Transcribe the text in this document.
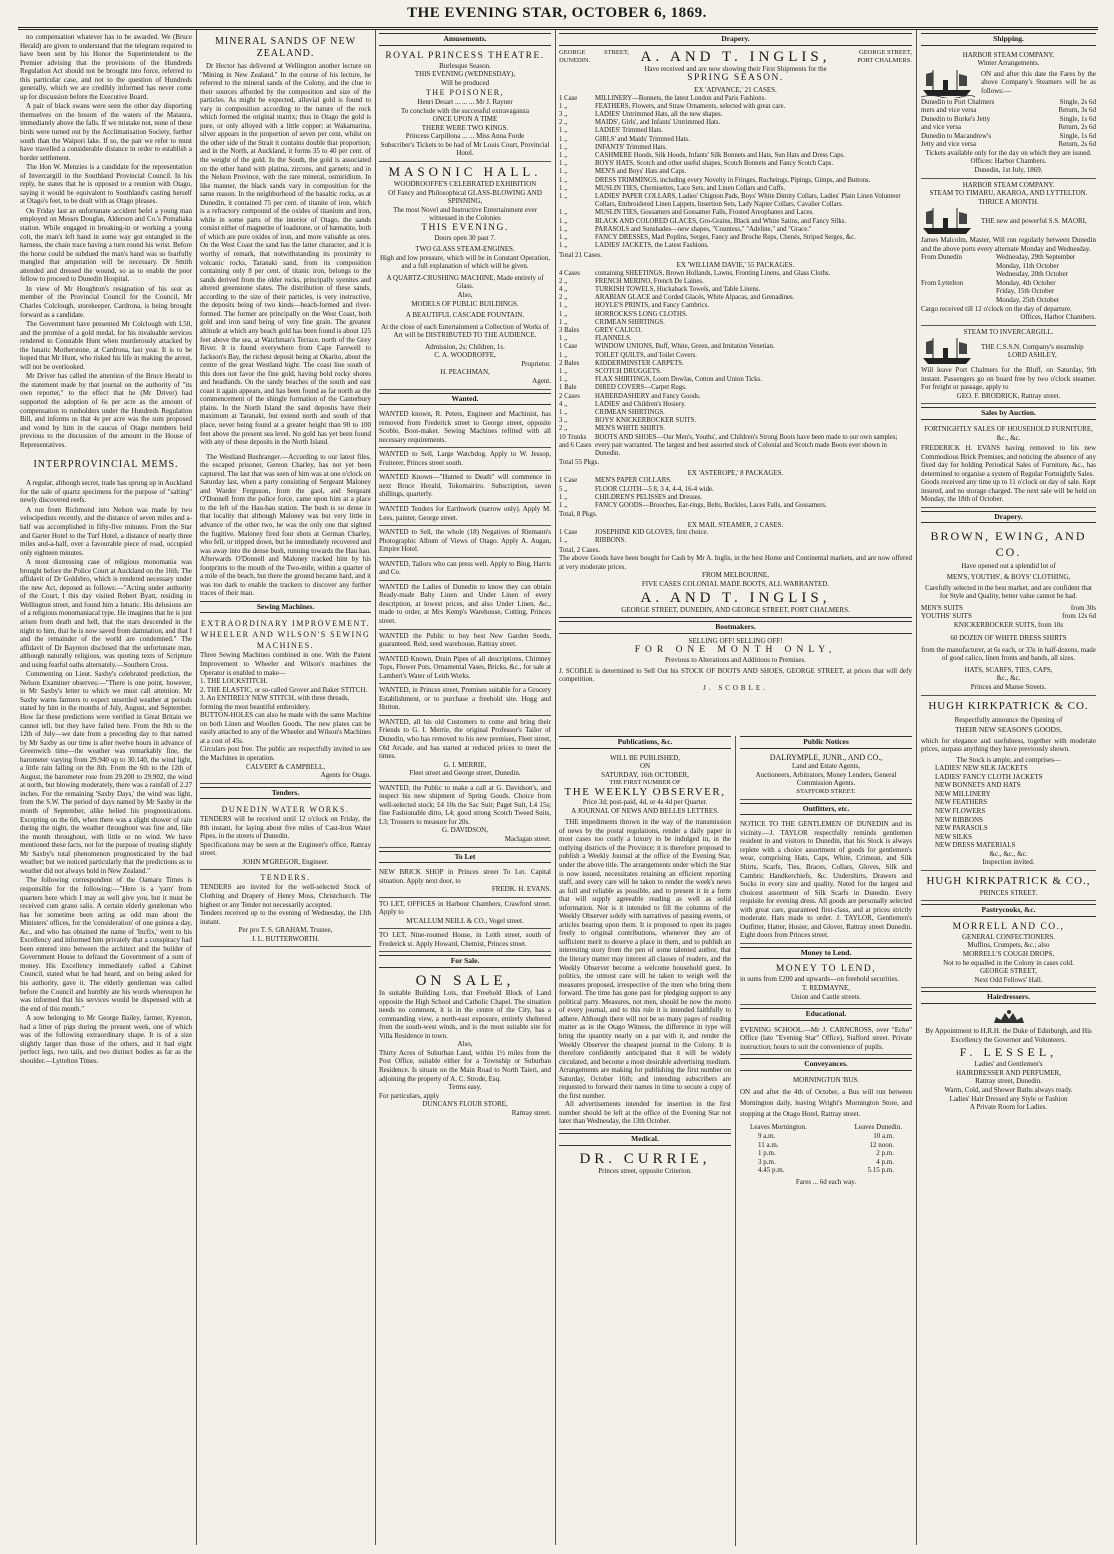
THE EVENING STAR, OCTOBER 6, 1869.

no compensation whatever has to be awarded. We (Bruce Herald) are given to understand that the telegram required to have been sent by his Honor the Superintendent to the Premier advising that the provisions of the Hundreds Regulation Act should not be brought into force, referred to this particular case, and not to the question of Hundreds generally, which we are credibly informed has never come up for discussion before the Executive Board.

A pair of black swans were seen the other day disporting themselves on the bosom of the waters of the Mataura, immediately above the falls. If we mistake not, none of these birds were turned out by the Acclimatisation Society, further south than the Waipori lake. If so, the pair we refer to must have travelled a considerable distance in order to establish a border settlement.

The Hon W. Menzies is a candidate for the representation of Invercargill in the Southland Provincial Council. In his reply, he states that he is opposed to a reunion with Otago, saying it would be equivalent to Southland's casting herself at Otago's feet, to be dealt with as Otago pleases.

On Friday last an unfortunate accident befel a young man employed on Messrs Douglas, Alderson and Co.'s Pomahaka station. While engaged in breaking-in or working a young colt, the man's left hand in some way got entangled in the harness, the chain trace having a turn round his wrist. Before the horse could be subdued the man's hand was so fearfully mangled that amputation will be necessary. Dr Smith attended and dressed the wound, so as to enable the poor fellow to proceed to Dunedin Hospital.

In view of Mr Houghton's resignation of his seat as member of the Provincial Council for the Council, Mr Charles Colclough, storekeeper, Cardrona, is being brought forward as a candidate.

The Government have presented Mr Colclough with L50, and the promise of a gold medal, for his invaluable services rendered to Constable Hunt when murderously attacked by the lunatic Motherstone, at Cardrona, last year. It is to be hoped that Mr Hunt, who risked his life in making the arrest, will not be overlooked.

Mr Driver has called the attention of the Bruce Herald to the statement made by that journal on the authority of "its own reporter," to the effect that he (Mr Driver) had supported the adoption of 6s per acre as the amount of compensation to runholders under the Hundreds Regulation Bill, and informs us that 4s per acre was the sum proposed and voted by him in the caucus of Otago members held previous to the discussion of the amount in the House of Representatives.

INTERPROVINCIAL MEMS.

A regular, although secret, trade has sprung up in Auckland for the sale of quartz specimens for the purpose of "salting" newly discovered reefs.

A run from Richmond into Nelson was made by two velocipedists recently, and the distance of seven miles and a-half was accomplished in fifty-five minutes. From the Star and Garter Hotel to the Turf Hotel, a distance of nearly three miles and-a-half, over a favourable piece of road, occupied only eighteen minutes.

A most distressing case of religious monomania was brought before the Police Court at Auckland on the 16th. The affidavit of Dr Goldsbro, which is rendered necessary under the new Act, deposed as follows:—"Acting under authority of the Court, I this day visited Robert Byatt, residing in Wellington street, and found him a lunatic. His delusions are of a religious monomaniacal type. He imagines that he is just arisen from death and hell, that the stars descended in the night to him, that he is now saved from damnation, and that I and the remainder of the world are condemned." The affidavit of Dr Baynton disclosed that the unfortunate man, although naturally religious, was quoting texts of Scripture and using fearful oaths alternately.—Southern Cross.

Commenting on Lieut. Saxby's celebrated prediction, the Nelson Examiner observes:—"There is one point, however, in Mr Saxby's letter to which we must call attention. Mr Saxby warns farmers to expect unsettled weather at periods stated by him in the months of July, August, and September. How far these predictions were verified in Great Britain we cannot tell, but they have failed here. From the 8th to the 12th of July—we date from a preceding day to that named by Mr Saxby as our time is after twelve hours in advance of Greenwich time—the weather was remarkably fine, the barometer varying from 29.940 up to 30.140, the wind light, a little rain falling on the 8th. From the 6th to the 12th of August, the barometer rose from 29.200 to 29.902, the wind at north, but blowing moderately, there was a rainfall of 2.27 inches. For the remaining 'Saxby Days,' the wind was light, from the S.W. The period of days named by Mr Saxby in the month of September, alike belied his prognostications. Excepting on the 6th, when there was a slight shower of rain during the night, the weather throughout was fine and, like the month throughout, with little or no wind. We have mentioned these facts, not for the purpose of treating slightly Mr Saxby's total phenomenon prognosticated by the bad weather; but we noticed particularly that the predictions as to weather did not always hold in New Zealand."

The following correspondent of the Oamaru Times is responsible for the following:—"Here is a 'yarn' from quarters here which I may as well give you, but it must be received cum grano salis. A certain elderly gentleman who has for sometime been acting as odd man about the Ministers' offices, for the 'consideration' of one guinea a day, &c., and who has obtained the name of 'Incfix,' went to his Excellency and informed him privately that a conspiracy had been entered into between the architect and the builder of Government House to defraud the Government of a sum of money. His Excellency immediately called a Cabinet Council, stated what he had heard, and on being asked for his authority, gave it. The elderly gentleman was called before the Council and humbly ate his words whereupon he was informed that his services would be dispensed with at the end of this month."

A sow belonging to Mr George Bailey, farmer, Kyeston, had a litter of pigs during the present week, one of which was of the following extraordinary shape. It is of a size slightly larger than those of the others, and it had eight perfect legs, two tails, and two distinct bodies as far as the shoulder.—Lyttelton Times.

MINERAL SANDS OF NEW ZEALAND.

Dr Hector has delivered at Wellington another lecture on "Mining in New Zealand." In the course of his lecture, he referred to the mineral sands of the Colony, and the clue to their sources afforded by the composition and size of the particles. As might be expected, alluvial gold is found to vary in composition according to the nature of the rock which formed the original matrix; thus in Otago the gold is pure, or only alloyed with a little copper; at Wakamarina, silver appears in the proportion of seven per cent, whilst on the other side of the Strait it contains double that proportion; and in the North, at Auckland, it forms 35 to 40 per cent. of the weight of the gold. In the South, the gold is associated on the other hand with platina, zircons, and garnets; and in the Nelson Province, with the rare mineral, osmiridium. In like manner, the black sands vary in composition for the same reason. In the neighborhood of the basaltic rocks, as at Dunedin, it contained 75 per cent. of titanite of iron, which is a refractory compound of the oxides of titanium and iron, while in some parts of the interior of Otago, the sands consist either of magnetite of loadstone, or of hæmatite, both of which are pure oxides of iron, and more valuable as ores. On the West Coast the sand has the latter character, and it is worthy of remark, that notwithstanding its proximity to volcanic rocks, Taranaki sand, from its composition containing only 8 per cent. of titanic iron, belongs to the sands derived from the older rocks, principally syenites and altered greenstone slates. The distribution of these sands, according to the size of their particles, is very instructive, the deposits being of two kinds—beach-formed and river-formed. The former are principally on the West Coast, both gold and iron sand being of very fine grain. The greatest altitude at which any beach gold has been found is about 125 feet above the sea, at Watchman's Terrace, north of the Grey River. It is found everywhere from Cape Farewell to Jackson's Bay, the richest deposit being at Okarito, about the centre of the great Westland bight. The coast line south of this does not favor the fine gold, having bold rocky shores and headlands. On the sandy beaches of the south and east coast it again appears, and has been found as far north as the commencement of the shingle formation of the Canterbury plains. In the North Island the sand deposits have their maximum at Taranaki, but extend north and south of that place, never being found at a greater height than 90 to 100 feet above the present sea level. No gold has yet been found with any of these deposits in the North Island.

The Westland Bushranger.—According to our latest files, the escaped prisoner, Gereon Charley, has not yet been captured. The last that was seen of him was at one o'clock on Saturday last, when a party consisting of Sergeant Maloney and Warder Ferguson, from the gaol, and Sergeant O'Donnell from the police force, came upon him at a place to the left of the Hau-hau station. The bush is so dense in that locality that although Maloney was but very little in advance of the other two, he was the only one that sighted the fugitive. Maloney fired four shots at German Charley, who fell, or tripped down, but he immediately recovered and was away into the dense bush, running towards the Hau hau. Afterwards O'Donnell and Maloney tracked him by his footprints to the mouth of the Two-mile, within a quarter of a mile of the beach, but there the ground became hard, and it was too dark to enable the trackers to discover any further traces of their man.

Sewing Machines.

EXTRAORDINARY IMPROVEMENT. WHEELER AND WILSON'S SEWING MACHINES.

Three Sewing Machines combined in one. With the Patent Improvement to Wheeler and Wilson's machines the Operator is enabled to make—

1. THE LOCKSTITCH.

2. THE ELASTIC, or so-called Grover and Baker STITCH.

3. An ENTIRELY NEW STITCH, with three threads, forming the most beautiful embroidery.

BUTTON-HOLES can also be made with the same Machine on both Linen and Woollen Goods. The new plates can be easily attached to any of the Wheeler and Wilson's Machines at a cost of 45s.

Circulars post free. The public are respectfully invited to see the Machines in operation.

CALVERT & CAMPBELL,

Agents for Otago.

Tenders.

DUNEDIN WATER WORKS.

TENDERS will be received until 12 o'clock on Friday, the 8th instant, for laying about five miles of Cast-Iron Water Pipes, in the streets of Dunedin.

Specifications may be seen at the Engineer's office, Rattray street.

JOHN M'GREGOR, Engineer.

TENDERS.

TENDERS are invited for the well-selected Stock of Clothing and Drapery of Henry Moss, Christchurch. The highest or any Tender not necessarily accepted.

Tenders received up to the evening of Wednesday, the 13th instant.

Per pro T. S. GRAHAM, Trustee,

J. L. BUTTERWORTH.

Amusements.

ROYAL PRINCESS THEATRE.

Burlesque Season.

THIS EVENING (WEDNESDAY),

Will be produced

THE POISONER,

Henri Desart ... ... ... Mr J. Rayner

To conclude with the successful extravaganza

ONCE UPON A TIME

THERE WERE TWO KINGS.

Princess Carpillona ... ... Miss Anna Forde

Subscriber's Tickets to be had of Mr Louis Court, Provincial Hotel.

MASONIC HALL.

WOODROOFFE'S CELEBRATED EXHIBITION

Of Fancy and Philosophical GLASS-BLOWING AND SPINNING,

The most Novel and Instructive Entertainment ever witnessed in the Colonies

THIS EVENING.

Doors open 30 past 7.

TWO GLASS STEAM-ENGINES.

High and low pressure, which will be in Constant Operation, and a full explanation of which will be given.

A QUARTZ-CRUSHING MACHINE, Made entirely of Glass.

Also,

MODELS OF PUBLIC BUILDINGS.

A BEAUTIFUL CASCADE FOUNTAIN.

At the close of each Entertainment a Collection of Works of Art will be DISTRIBUTED TO THE AUDIENCE.

Admission, 2s; Children, 1s.

C. A. WOODROFFE,

Proprietor.

H. PEACHMAN,

Agent.

Wanted.

WANTED known, R. Peters, Engineer and Machinist, has removed from Frederick street to George street, opposite Scoble, Boot-maker. Sewing Machines refitted with all necessary requirements.

WANTED to Sell, Large Watchdog. Apply to W. Jessop, Fruiterer, Princes street south.

WANTED Known—"Hunted to Death" will commence in next Bruce Herald, Tokomairiro. Subscription, seven shillings, quarterly.

WANTED Tenders for Earthwork (narrow only). Apply M. Lees, painter, George street.

WANTED to Sell, the whole (18) Negatives of Riemann's Photographic Album of Views of Otago. Apply A. Augan, Empire Hotel.

WANTED, Tailors who can press well. Apply to Bing, Harris and Co.

WANTED the Ladies of Dunedin to know they can obtain Ready-made Baby Linen and Under Linen of every description, at lowest prices, and also Under Linen, &c., made to order, at Mrs Kemp's Warehouse, Cutting, Princes street.

WANTED the Public to buy best New Garden Seeds, guaranteed. Reid, seed warehouse, Rattray street.

WANTED Known, Drain Pipes of all descriptions, Chimney Tops, Flower Pots, Ornamental Vases, Bricks, &c., for sale at Lambert's Water of Leith Works.

WANTED, in Princes street, Premises suitable for a Grocery Establishment, or to purchase a freehold site. Hogg and Hutton.

WANTED, all his old Customers to come and bring their Friends to G. I. Merrie, the original Professor's Tailor of Dunedin, who has removed to his new premises, Fleet street, Old Arcade, and has started at reduced prices to meet the times.

G. I. MERRIE,

Fleet street and George street, Dunedin.

WANTED, the Public to make a call at G. Davidson's, and inspect his new shipment of Spring Goods. Choice from well-selected stock; £4 10s the Sac Suit; Paget Suit, L4 15s; fine Fashionable ditto, L4; good strong Scotch Tweed Suits, L3; Trousers to measure for 20s.

G. DAVIDSON,

Maclagan street.

To Let

NEW BRICK SHOP in Princes street To Let. Capital situation. Apply next door, to

FREDK. H. EVANS.

TO LET, OFFICES in Harbour Chambers, Crawford street. Apply to

M'CALLUM NEILL & CO., Vogel street.

TO LET, Nine-roomed House, in Leith street, south of Frederick st. Apply Howard, Chemist, Princes street.

For Sale.

ON SALE,

In suitable Building Lots, that Freehold Block of Land opposite the High School and Catholic Chapel. The situation needs no comment, it is in the centre of the City, has a commanding view, a north-east exposure, entirely sheltered from the south-west winds, and is the most suitable site for Villa Residence in town.

Also,

Thirty Acres of Suburban Land, within 1½ miles from the Post Office, suitable either for a Township or Suburban Residence. Is situate on the Main Road to North Taieri, and adjoining the property of A. C. Strode, Esq.

Terms easy.

For particulars, apply

DUNCAN'S FLOUR STORE,

Rattray street.

Drapery.
GEORGE STREET, DUNEDIN.	A. AND T. INGLIS,	GEORGE STREET, PORT CHALMERS.
Have received and are now showing their First Shipments for the
SPRING SEASON.
EX 'ADVANCE,' 21 CASES.
1 Case	MILLINERY—Bonnets, the latest London and Paris Fashions.
1 ,,	FEATHERS, Flowers, and Straw Ornaments, selected with great care.
3 ,,	LADIES' Untrimmed Hats, all the new shapes.
2 ,,	MAIDS', Girls', and Infants' Untrimmed Hats.
1 ,,	LADIES' Trimmed Hats.
1 ,,	GIRLS' and Maids' Trimmed Hats.
1 ,,	INFANTS' Trimmed Hats.
1 ,,	CASHMERE Hoods, Silk Hoods, Infants' Silk Bonnets and Hats, Sun Hats and Dress Caps.
1 ,,	BOYS' HATS, Scotch and other useful shapes, Scotch Bonnets and Fancy Scotch Caps.
1 ,,	MEN'S and Boys' Hats and Caps.
1 ,,	DRESS TRIMMINGS, including every Novelty in Fringes, Rucheings, Pipings, Gimps, and Buttons.
1 ,,	MUSLIN TIES, Chemisettes, Lace Sets, and Linen Collars and Cuffs.
1 ,,	LADIES' PAPER COLLARS, Ladies' Chignon Pads, Boys' White Dimity Collars, Ladies' Plain Linen Volunteer Collars, Embroidered Linen Lappets, Insertion Sets, Lady Napier Collars, Cavalier Collars.
1 ,,	MUSLIN TIES, Gossamers and Gossamer Falls, Frosted Areophanes and Laces.
1 ,,	BLACK AND COLORED GLACES, Gro-Grains, Black and White Satins, and Fancy Silks.
1 ,,	PARASOLS and Sunshades—new shapes, "Countess," "Adeline," and "Grace."
1 ,,	FANCY DRESSES, Marl Poplins, Serges, Fancy and Broche Reps, Chenés, Striped Serges, &c.
1 ,,	LADIES' JACKETS, the Latest Fashions.
Total 21 Cases.
EX 'WILLIAM DAVIE,' 55 PACKAGES.
4 Cases	containing SHEETINGS, Brown Hollands, Lawns, Fronting Linens, and Glass Cloths.
2 ,,	FRENCH MERINO, French De Laines.
4 ,,	TURKISH TOWELS, Huckaback Towels, and Table Linens.
2 ,,	ARABIAN GLACE and Corded Glacés, White Alpacas, and Grenadines.
1 ,,	HOYLE'S PRINTS, and Fancy Cambrics.
1 ,,	HORROCKS'S LONG CLOTHS.
1 ,,	CRIMEAN SHIRTINGS.
3 Bales	GREY CALICO.
1 ,,	FLANNELS.
1 Case	WINDOW UNIONS, Buff, White, Green, and Imitation Venetian.
1 ,,	TOILET QUILTS, and Toilet Covers.
2 Bales	KIDDERMINSTER CARPETS.
1 ,,	SCOTCH DRUGGETS.
1 ,,	FLAX SHIRTINGS, Loom Dowlas, Cotton and Union Ticks.
1 Bale	DIRED COVERS—Carpet Rugs.
2 Cases	HABERDASHERY and Fancy Goods.
4 ,,	LADIES' and Children's Hosiery.
1 ,,	CRIMEAN SHIRTINGS.
3 ,,	BOYS' KNICKERBOCKER SUITS.
2 ,,	MEN'S WHITE SHIRTS.
10 Trunks and 6 Cases
BOOTS AND SHOES—Our Men's, Youths', and Children's Strong Boots have been made to our own samples; every pair warranted. The largest and best assorted stock of Colonial and Scotch made Boots ever shown in Dunedin.
Total 55 Pkgs.
EX 'ASTEROPE,' 8 PACKAGES.
1 Case	MEN'S PAPER COLLARS.
5 ,,	FLOOR CLOTH—5 8, 3 4, 4-4, 16-4 wide.
1 ,,	CHILDREN'S PELISSES and Dresses.
1 ,,	FANCY GOODS—Brooches, Ear-rings, Belts, Buckles, Laces Falls, and Gossamers.
Total, 8 Pkgs.
EX MAIL STEAMER, 2 CASES.
1 Case	JOSEPHINE KID GLOVES, first choice.
1 ,,	RIBBONS.
Total, 2 Cases.
The above Goods have been bought for Cash by Mr A. Inglis, in the best Home and Continental markets, and are now offered at very moderate prices.
FROM MELBOURNE,
FIVE CASES COLONIAL MADE BOOTS, ALL WARRANTED.
A. AND T. INGLIS,
GEORGE STREET, DUNEDIN, AND GEORGE STREET, PORT CHALMERS.
Bootmakers.
SELLING OFF! SELLING OFF!
FOR ONE MONTH ONLY,
Previous to Alterations and Additions to Premises.
J. SCOBLE is determined to Sell Out his STOCK OF BOOTS AND SHOES, GEORGE STREET, at prices that will defy competition.
J. SCOBLE.
Publications, &c.

WILL BE PUBLISHED,

ON

SATURDAY, 16th OCTOBER,

THE FIRST NUMBER OF

THE WEEKLY OBSERVER,

Price 3d; post-paid, 4d, or 4s 4d per Quarter.

A JOURNAL OF NEWS AND BELLES LETTRES.

THE impediments thrown in the way of the transmission of news by the postal regulations, render a daily paper in most cases too costly a luxury to be indulged in, in the outlying districts of the Province; it is therefore proposed to publish a Weekly Journal at the office of the Evening Star, under the above title. The arrangements under which the Star is now issued, necessitates retaining an efficient reporting staff, and every care will be taken to render the week's news as full and reliable as possible, and to present it in a form that will supply agreeable reading as well as solid information. Nor is it intended to fill the columns of the Weekly Observer solely with narratives of passing events, or articles bearing upon them. It is proposed to open its pages freely to original contributions, whenever they are of sufficient merit to deserve a place in them, and to publish an interesting story from the pen of some talented author, that the literary matter may interest all classes of readers, and the Weekly Observer become a welcome household guest. In politics, the utmost care will be taken to weigh well the measures proposed, irrespective of the men who bring them forward. The time has gone past for pledging support to any political party. Measures, not men, should be now the motto of every journal, and to this rule it is intended faithfully to adhere. Although there will not be so many pages of reading matter as in the Otago Witness, the difference in type will bring the quantity nearly on a par with it, and render the Weekly Observer the cheapest journal in the Colony. It is therefore confidently anticipated that it will be widely circulated, and become a most desirable advertising medium. Arrangements are making for publishing the first number on Saturday, October 16th; and intending subscribers are requested to forward their names in time to secure a copy of the first number.

All advertisements intended for insertion in the first number should be left at the office of the Evening Star not later than Wednesday, the 13th October.

Medical.

DR. CURRIE,

Princes street, opposite Criterion.

Public Notices

DALRYMPLE, JUNR., AND CO.,

Land and Estate Agents,

Auctioneers, Arbitrators, Money Lenders, General Commission Agents.

STAFFORD STREET.

Outfitters, etc.

NOTICE TO THE GENTLEMEN OF DUNEDIN and its vicinity.—J. TAYLOR respectfully reminds gentlemen resident in and visitors to Dunedin, that his Stock is always replete with a choice assortment of goods for gentlemen's wear, comprising Hats, Caps, White, Crimean, and Silk Shirts, Scarfs, Ties, Braces, Collars, Gloves, Silk and Cambric Handkerchiefs, &c. Undershirts, Drawers and Socks in every size and quality. Noted for the largest and choicest assortment of Silk Scarfs in Dunedin. Every requisite for evening dress. All goods are personally selected with great care, guaranteed first-class, and at prices strictly moderate. Hats made to order. J. TAYLOR, Gentlemen's Outfitter, Hatter, Hosier, and Glover, Rattray street Dunedin. Eight doors from Princes street.

Money to Lend.

MONEY TO LEND,

in sums from £200 and upwards—on freehold securities.

T. REDMAYNE,

Union and Castle streets.

Educational.

EVENING SCHOOL.—Mr J. CARNCROSS, over "Echo" Office (late "Evening Star" Office), Stafford street. Private instruction; hours to suit the convenience of pupils.

Conveyances.

MORNINGTON 'BUS.

ON and after the 4th of October, a Bus will run between Mornington daily, leaving Wright's Mornington Store, and stopping at the Otago Hotel, Rattray street.

Leaves Mornington.	Leaves Dunedin.
9 a.m.	10 a.m.
11 a.m.	12 noon.
1 p.m.	2 p.m.
3 p.m.	4 p.m.
4.45 p.m.	5.15 p.m.

Fares ... 6d each way.

Shipping.

HARBOR STEAM COMPANY.

Winter Arrangements.

ON and after this date the Fares by the above Company's Steamers will be as follows:—

Dunedin to Port Chalmers	Single, 2s 6d
mers and vice versa	Return, 3s 6d
Dunedin to Burke's Jetty	Single, 1s 6d
and vice versa	Return, 2s 6d
Dunedin to Macandrew's	Single, 1s 6d
Jetty and vice versa	Return, 2s 6d

Tickets available only for the day on which they are issued.

Offices: Harbor Chambers.

Dunedin, 1st July, 1869.

HARBOR STEAM COMPANY.

STEAM TO TIMARU, AKAROA, AND LYTTELTON.

THRICE A MONTH.

THE new and powerful S.S. MAORI,

James Malcolm, Master, Will run regularly between Dunedin and the above ports every alternate Monday and Wednesday.

From Dunedin	Wednesday, 29th September
Monday, 11th October
Wednesday, 20th October
From Lyttelton	Monday, 4th October
Friday, 15th October
Monday, 25th October

Cargo received till 12 o'clock on the day of departure.

Offices, Harbor Chambers.

STEAM TO INVERCARGILL.

THE C.S.S.N. Company's steamship

LORD ASHLEY,

Will leave Port Chalmers for the Bluff, on Saturday, 9th instant. Passengers go on board free by two o'clock steamer. For freight or passage, apply to

GEO. F. BRODRICK, Rattray street.

Sales by Auction.

FORTNIGHTLY SALES OF HOUSEHOLD FURNITURE, &c., &c.

FREDERICK H. EVANS having removed to his new Commodious Brick Premises, and noticing the absence of any fixed day for holding Periodical Sales of Furniture, &c., has determined to organise a system of Regular Fortnightly Sales.

Goods received any time up to 11 o'clock on day of sale. Kept insured, and no storage charged. The next sale will be held on Monday, the 18th of October.

Drapery.

BROWN, EWING, AND CO.

Have opened out a splendid lot of

MEN'S, YOUTHS', & BOYS' CLOTHING,

Carefully selected in the best market, and are confident that for Style and Quality, better value cannot be had.

MEN'S SUITS	from 30s
YOUTHS' SUITS	from 12s 6d

KNICKERBOCKER SUITS, from 10s

60 DOZEN OF WHITE DRESS SHIRTS

from the manufacturer, at 6s each, or 33s in half-dozens, made of good calico, linen fronts and bands, all sizes.

HATS, SCARFS, TIES, CAPS,

&c., &c.

Princes and Manse Streets.

HUGH KIRKPATRICK & CO.

Respectfully announce the Opening of

THEIR NEW SEASON'S GOODS,

which for elegance and usefulness, together with moderate prices, surpass anything they have previously shown.

The Stock is ample, and comprises—

LADIES' NEW SILK JACKETS
LADIES' FANCY CLOTH JACKETS
NEW BONNETS AND HATS
NEW MILLINERY
NEW FEATHERS
NEW FLOWERS
NEW RIBBONS
NEW PARASOLS
NEW SILKS
NEW DRESS MATERIALS

&c., &c., &c.

Inspection invited.

HUGH KIRKPATRICK & CO.,

PRINCES STREET.

Pastrycooks, &c.

MORRELL AND CO.,

GENERAL CONFECTIONERS.

Muffins, Crumpets, &c.; also

MORRELL'S COUGH DROPS,

Not to be equalled in the Colony in cases cold.

GEORGE STREET,

Next Odd Fellows' Hall.

Hairdressers.

By Appointment to H.R.H. the Duke of Edinburgh, and His Excellency the Governor and Volunteers.

F. LESSEL,

Ladies' and Gentlemen's

HAIRDRESSER AND PERFUMER,

Rattray street, Dunedin.

Warm, Cold, and Shower Baths always ready.

Ladies' Hair Dressed any Style or Fashion

A Private Room for Ladies.
